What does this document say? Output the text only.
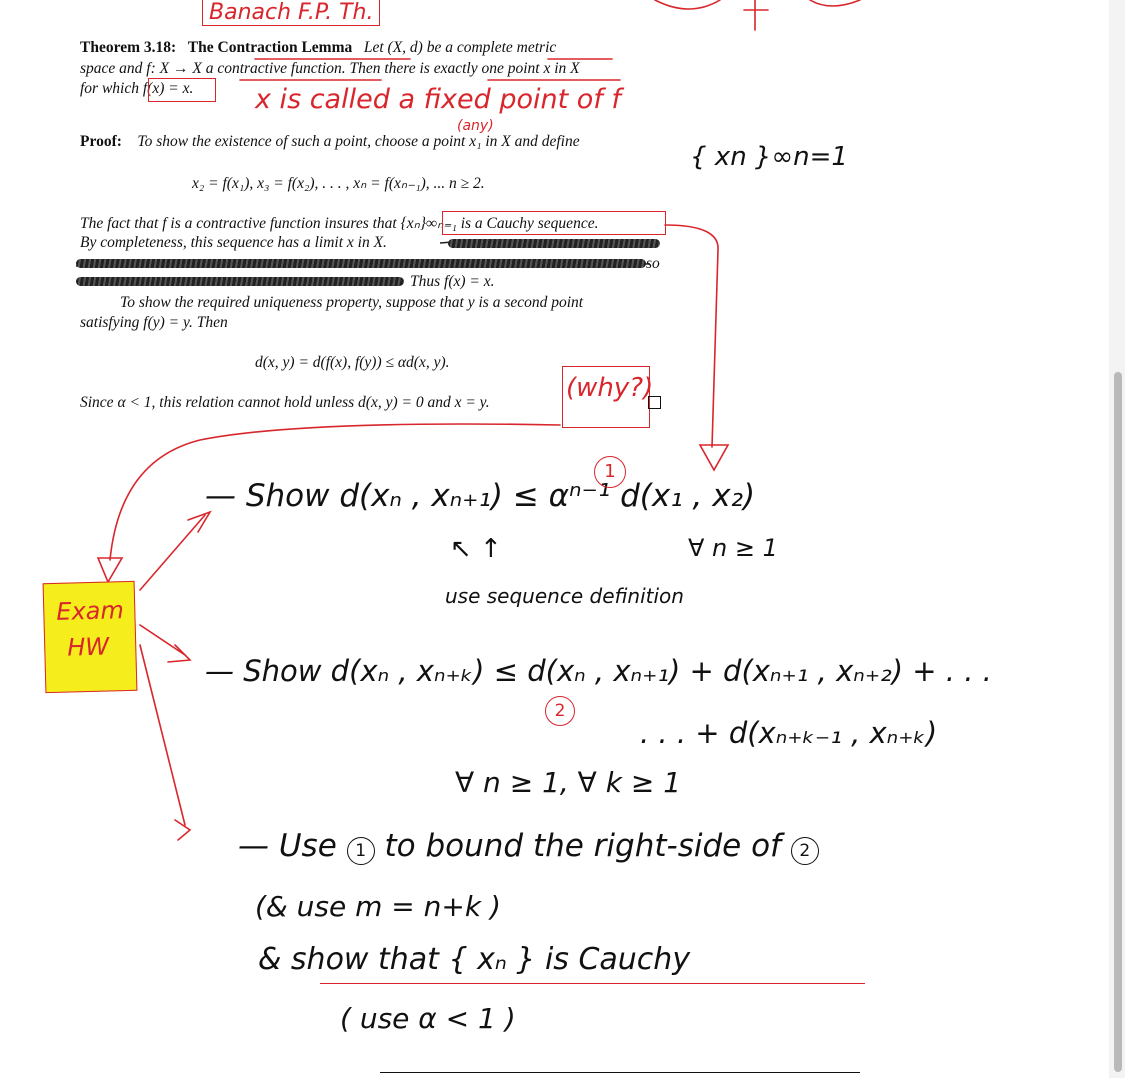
Banach F.P. Th.
Theorem 3.18: The Contraction Lemma Let (X, d) be a complete metric
space and f: X → X a contractive function. Then there is exactly one point x in X
for which f(x) = x. x is called a fixed point of f
(any)
Proof: To show the existence of such a point, choose a point x₁ in X and define
{ xn }∞n=1
x₂ = f(x₁), x₃ = f(x₂), . . . , xₙ = f(xₙ₋₁), ... n ≥ 2.
The fact that f is a contractive function insures that {xₙ}∞ₙ₌₁ is a Cauchy sequence.
By completeness, this sequence has a limit x in X.
so
Thus f(x) = x.
To show the required uniqueness property, suppose that y is a second point
satisfying f(y) = y. Then
d(x, y) = d(f(x), f(y)) ≤ αd(x, y).
Since α < 1, this relation cannot hold unless d(x, y) = 0 and x = y.	(why?)
— Show d(xₙ , xₙ₊₁) ≤ αⁿ⁻¹ d(x₁ , x₂)
1
∀ n ≥ 1
↖ ↑
use sequence definition
Exam
HW
— Show d(xₙ , xₙ₊ₖ) ≤ d(xₙ , xₙ₊₁) + d(xₙ₊₁ , xₙ₊₂) + . . .
2
. . . + d(xₙ₊ₖ₋₁ , xₙ₊ₖ)
∀ n ≥ 1, ∀ k ≥ 1
— Use 1 to bound the right-side of 2
(& use m = n+k )
& show that { xₙ } is Cauchy
( use α < 1 )
